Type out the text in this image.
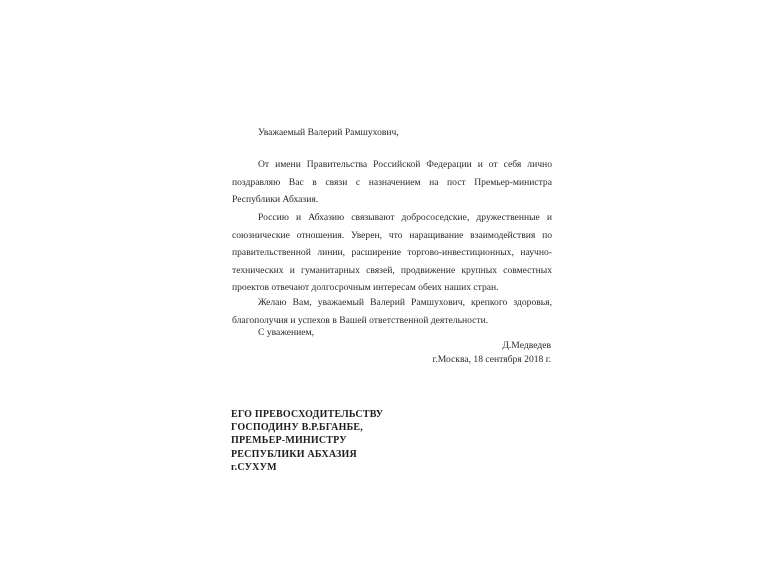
Уважаемый Валерий Рамшухович,
От имени Правительства Российской Федерации и от себя лично поздравляю Вас в связи с назначением на пост Премьер-министра Республики Абхазия.
Россию и Абхазию связывают добрососедские, дружественные и союзнические отношения. Уверен, что наращивание взаимодействия по правительственной линии, расширение торгово-инвестиционных, научно-технических и гуманитарных связей, продвижение крупных совместных проектов отвечают долгосрочным интересам обеих наших стран.
Желаю Вам, уважаемый Валерий Рамшухович, крепкого здоровья, благополучия и успехов в Вашей ответственной деятельности.
С уважением,
Д.Медведев
г.Москва, 18 сентября 2018 г.
ЕГО ПРЕВОСХОДИТЕЛЬСТВУ
ГОСПОДИНУ В.Р.БГАНБЕ,
ПРЕМЬЕР-МИНИСТРУ
РЕСПУБЛИКИ АБХАЗИЯ
г.СУХУМ
